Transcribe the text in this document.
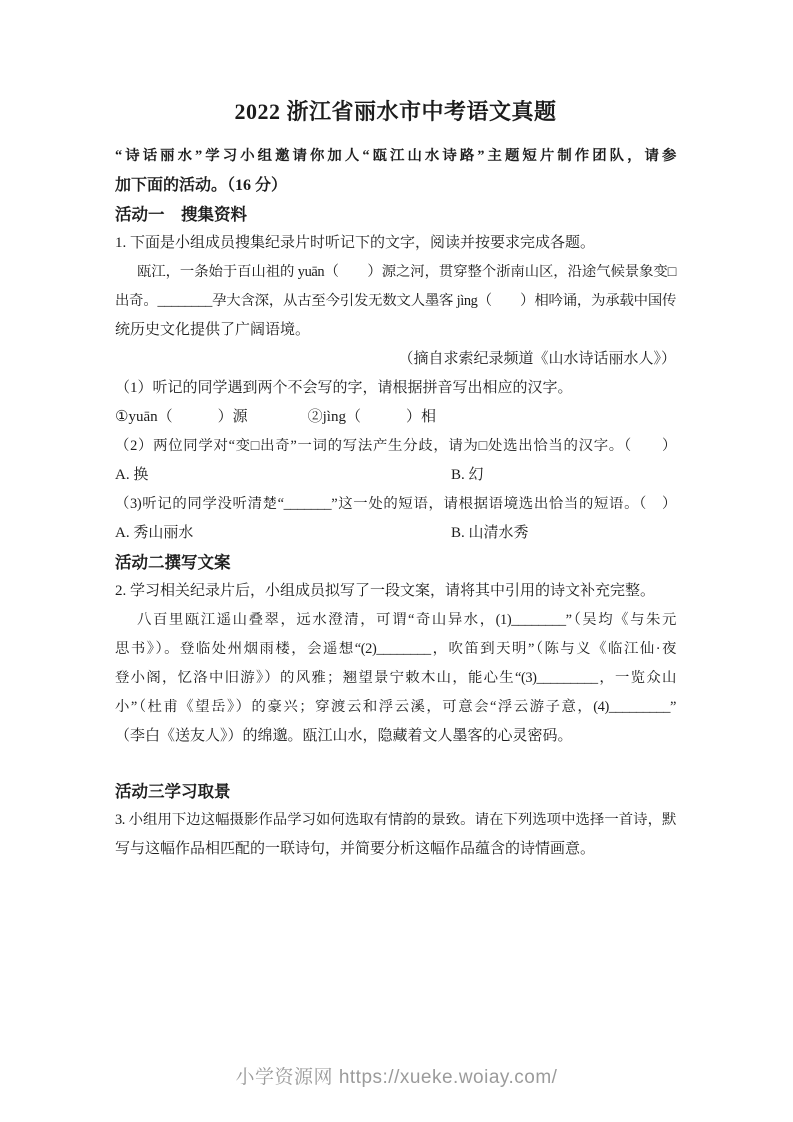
2022 浙江省丽水市中考语文真题
“诗话丽水”学习小组邀请你加人“瓯江山水诗路”主题短片制作团队，请参
加下面的活动。（16 分）
活动一　搜集资料
1. 下面是小组成员搜集纪录片时听记下的文字，阅读并按要求完成各题。
瓯江，一条始于百山祖的 yuān（　　）源之河，贯穿整个浙南山区，沿途气候景象变□
出奇。________孕大含深，从古至今引发无数文人墨客 jìng（　　）相吟诵，为承载中国传
统历史文化提供了广阔语境。
（摘自求索纪录频道《山水诗话丽水人》）
（1）听记的同学遇到两个不会写的字，请根据拼音写出相应的汉字。
①yuān（　　　）源　　　　②jìng（　　　）相
（2）两位同学对“变□出奇”一词的写法产生分歧，请为□处选出恰当的汉字。（　　）
A. 换	B. 幻
（3)听记的同学没听清楚“_______”这一处的短语，请根据语境选出恰当的短语。（　）
A. 秀山丽水	B. 山清水秀
活动二撰写文案
2. 学习相关纪录片后，小组成员拟写了一段文案，请将其中引用的诗文补充完整。
八百里瓯江遥山叠翠，远水澄清，可谓“奇山异水，(1)________”（吴均《与朱元
思书》）。登临处州烟雨楼，会遥想“(2)________，吹笛到天明”（陈与义《临江仙·夜
登小阁，忆洛中旧游》）的风雅；翘望景宁敕木山，能心生“(3)_________，一览众山
小”（杜甫《望岳》）的豪兴；穿渡云和浮云溪，可意会“浮云游子意，(4)_________”
（李白《送友人》）的绵邈。瓯江山水，隐藏着文人墨客的心灵密码。
活动三学习取景
3. 小组用下边这幅摄影作品学习如何选取有情韵的景致。请在下列选项中选择一首诗，默
写与这幅作品相匹配的一联诗句，并简要分析这幅作品蕴含的诗情画意。
小学资源网 https://xueke.woiay.com/
